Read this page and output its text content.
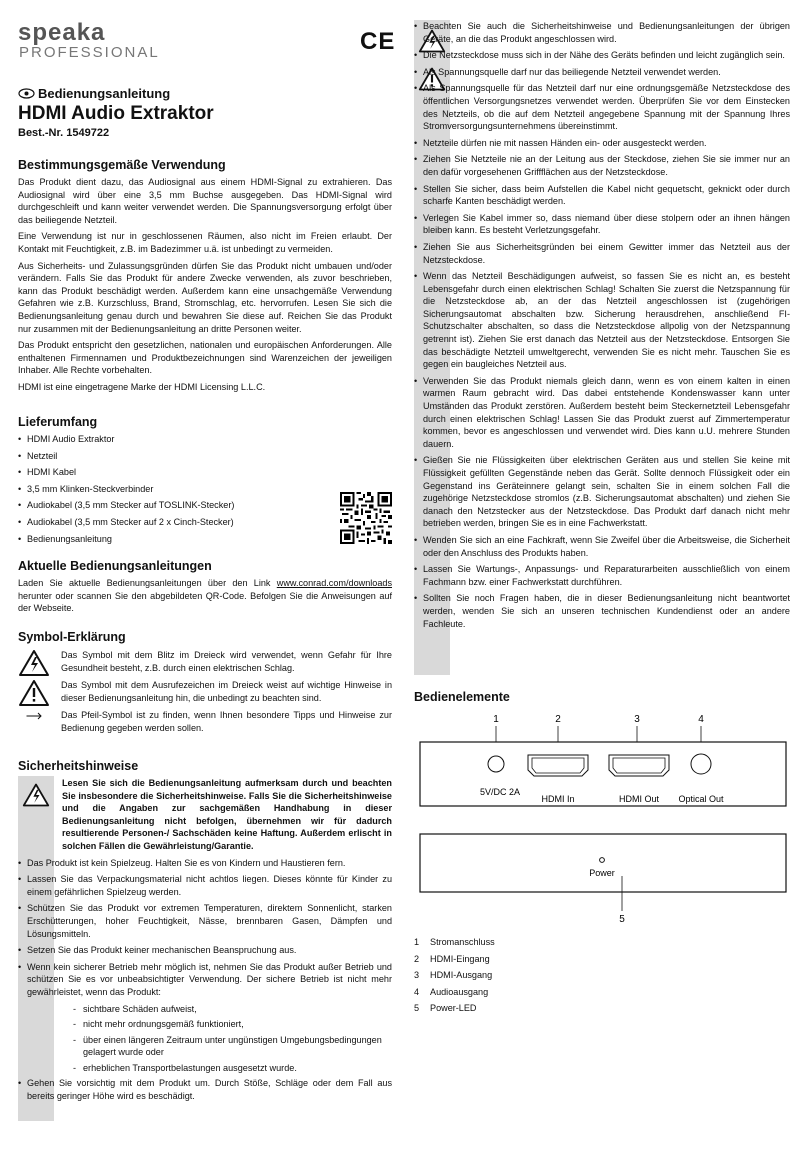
speaka
PROFESSIONAL	CE
Bedienungsanleitung
HDMI Audio Extraktor
Best.-Nr. 1549722
Bestimmungsgemäße Verwendung

Das Produkt dient dazu, das Audiosignal aus einem HDMI-Signal zu extrahieren. Das Audiosignal wird über eine 3,5 mm Buchse ausgegeben. Das HDMI-Signal wird durchgeschleift und kann weiter verwendet werden. Die Spannungsversorgung erfolgt über das beiliegende Netzteil.

Eine Verwendung ist nur in geschlossenen Räumen, also nicht im Freien erlaubt. Der Kontakt mit Feuchtigkeit, z.B. im Badezimmer u.ä. ist unbedingt zu vermeiden.

Aus Sicherheits- und Zulassungsgründen dürfen Sie das Produkt nicht umbauen und/oder verändern. Falls Sie das Produkt für andere Zwecke verwenden, als zuvor beschrieben, kann das Produkt beschädigt werden. Außerdem kann eine unsachgemäße Verwendung Gefahren wie z.B. Kurzschluss, Brand, Stromschlag, etc. hervorrufen. Lesen Sie sich die Bedienungsanleitung genau durch und bewahren Sie diese auf. Reichen Sie das Produkt nur zusammen mit der Bedienungsanleitung an dritte Personen weiter.

Das Produkt entspricht den gesetzlichen, nationalen und europäischen Anforderungen. Alle enthaltenen Firmennamen und Produktbezeichnungen sind Warenzeichen der jeweiligen Inhaber. Alle Rechte vorbehalten.

HDMI ist eine eingetragene Marke der HDMI Licensing L.L.C.

Lieferumfang
• HDMI Audio Extraktor
• Netzteil
• HDMI Kabel
• 3,5 mm Klinken-Steckverbinder
• Audiokabel (3,5 mm Stecker auf TOSLINK-Stecker)
• Audiokabel (3,5 mm Stecker auf 2 x Cinch-Stecker)
• Bedienungsanleitung
Aktuelle Bedienungsanleitungen

Laden Sie aktuelle Bedienungsanleitungen über den Link www.conrad.com/downloads herunter oder scannen Sie den abgebildeten QR-Code. Befolgen Sie die Anweisungen auf der Webseite.

Symbol-Erklärung

Das Symbol mit dem Blitz im Dreieck wird verwendet, wenn Gefahr für Ihre Gesundheit besteht, z.B. durch einen elektrischen Schlag.

Das Symbol mit dem Ausrufezeichen im Dreieck weist auf wichtige Hinweise in dieser Bedienungsanleitung hin, die unbedingt zu beachten sind.

Das Pfeil-Symbol ist zu finden, wenn Ihnen besondere Tipps und Hinweise zur Bedienung gegeben werden sollen.

Sicherheitshinweise

Lesen Sie sich die Bedienungsanleitung aufmerksam durch und beachten Sie insbesondere die Sicherheitshinweise. Falls Sie die Sicherheitshinweise und die Angaben zur sachgemäßen Handhabung in dieser Bedienungsanleitung nicht befolgen, übernehmen wir für dadurch resultierende Personen-/ Sachschäden keine Haftung. Außerdem erlischt in solchen Fällen die Gewährleistung/Garantie.

• Das Produkt ist kein Spielzeug. Halten Sie es von Kindern und Haustieren fern.
• Lassen Sie das Verpackungsmaterial nicht achtlos liegen. Dieses könnte für Kinder zu einem gefährlichen Spielzeug werden.
• Schützen Sie das Produkt vor extremen Temperaturen, direktem Sonnenlicht, starken Erschütterungen, hoher Feuchtigkeit, Nässe, brennbaren Gasen, Dämpfen und Lösungsmitteln.
• Setzen Sie das Produkt keiner mechanischen Beanspruchung aus.
• Wenn kein sicherer Betrieb mehr möglich ist, nehmen Sie das Produkt außer Betrieb und schützen Sie es vor unbeabsichtigter Verwendung. Der sichere Betrieb ist nicht mehr gewährleistet, wenn das Produkt:
- sichtbare Schäden aufweist,
- nicht mehr ordnungsgemäß funktioniert,
- über einen längeren Zeitraum unter ungünstigen Umgebungsbedingungen gelagert wurde oder
- erheblichen Transportbelastungen ausgesetzt wurde.
• Gehen Sie vorsichtig mit dem Produkt um. Durch Stöße, Schläge oder dem Fall aus bereits geringer Höhe wird es beschädigt.
• Beachten Sie auch die Sicherheitshinweise und Bedienungsanleitungen der übrigen Geräte, an die das Produkt angeschlossen wird.
• Die Netzsteckdose muss sich in der Nähe des Geräts befinden und leicht zugänglich sein.
• Als Spannungsquelle darf nur das beiliegende Netzteil verwendet werden.
• Als Spannungsquelle für das Netzteil darf nur eine ordnungsgemäße Netzsteckdose des öffentlichen Versorgungsnetzes verwendet werden. Überprüfen Sie vor dem Einstecken des Netzteils, ob die auf dem Netzteil angegebene Spannung mit der Spannung Ihres Stromversorgungsunternehmens übereinstimmt.
• Netzteile dürfen nie mit nassen Händen ein- oder ausgesteckt werden.
• Ziehen Sie Netzteile nie an der Leitung aus der Steckdose, ziehen Sie sie immer nur an den dafür vorgesehenen Griffflächen aus der Netzsteckdose.
• Stellen Sie sicher, dass beim Aufstellen die Kabel nicht gequetscht, geknickt oder durch scharfe Kanten beschädigt werden.
• Verlegen Sie Kabel immer so, dass niemand über diese stolpern oder an ihnen hängen bleiben kann. Es besteht Verletzungsgefahr.
• Ziehen Sie aus Sicherheitsgründen bei einem Gewitter immer das Netzteil aus der Netzsteckdose.
• Wenn das Netzteil Beschädigungen aufweist, so fassen Sie es nicht an, es besteht Lebensgefahr durch einen elektrischen Schlag! Schalten Sie zuerst die Netzspannung für die Netzsteckdose ab, an der das Netzteil angeschlossen ist (zugehörigen Sicherungsautomat abschalten bzw. Sicherung herausdrehen, anschließend FI-Schutzschalter abschalten, so dass die Netzsteckdose allpolig von der Netzspannung getrennt ist). Ziehen Sie erst danach das Netzteil aus der Netzsteckdose. Entsorgen Sie das beschädigte Netzteil umweltgerecht, verwenden Sie es nicht mehr. Tauschen Sie es gegen ein baugleiches Netzteil aus.
• Verwenden Sie das Produkt niemals gleich dann, wenn es von einem kalten in einen warmen Raum gebracht wird. Das dabei entstehende Kondenswasser kann unter Umständen das Produkt zerstören. Außerdem besteht beim Steckernetzteil Lebensgefahr durch einen elektrischen Schlag! Lassen Sie das Produkt zuerst auf Zimmertemperatur kommen, bevor es angeschlossen und verwendet wird. Dies kann u.U. mehrere Stunden dauern.
• Gießen Sie nie Flüssigkeiten über elektrischen Geräten aus und stellen Sie keine mit Flüssigkeit gefüllten Gegenstände neben das Gerät. Sollte dennoch Flüssigkeit oder ein Gegenstand ins Geräteinnere gelangt sein, schalten Sie in einem solchen Fall die zugehörige Netzsteckdose stromlos (z.B. Sicherungsautomat abschalten) und ziehen Sie danach den Netzstecker aus der Netzsteckdose. Das Produkt darf danach nicht mehr betrieben werden, bringen Sie es in eine Fachwerkstatt.
• Wenden Sie sich an eine Fachkraft, wenn Sie Zweifel über die Arbeitsweise, die Sicherheit oder den Anschluss des Produkts haben.
• Lassen Sie Wartungs-, Anpassungs- und Reparaturarbeiten ausschließlich von einem Fachmann bzw. einer Fachwerkstatt durchführen.
• Sollten Sie noch Fragen haben, die in dieser Bedienungsanleitung nicht beantwortet werden, wenden Sie sich an unseren technischen Kundendienst oder an andere Fachleute.
Bedienelemente
1	2	3	4
5V/DC 2A
HDMI In	HDMI Out Optical Out
Power
5
1	Stromanschluss
2	HDMI-Eingang
3	HDMI-Ausgang
4	Audioausgang
5	Power-LED
